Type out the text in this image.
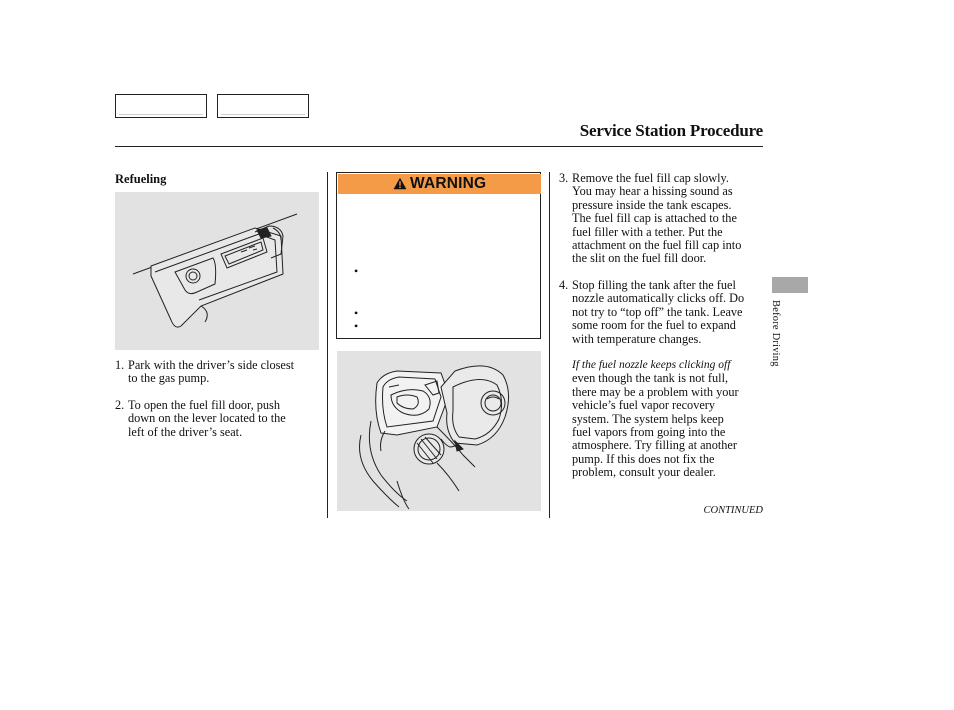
Service Station Procedure
Refueling
1. Park with the driver’s side closest
to the gas pump.
2. To open the fuel fill door, push
down on the lever located to the
left of the driver’s seat.
WARNING
•
•
•
3. Remove the fuel fill cap slowly.
You may hear a hissing sound as
pressure inside the tank escapes.
The fuel fill cap is attached to the
fuel filler with a tether. Put the
attachment on the fuel fill cap into
the slit on the fuel fill door.
4. Stop filling the tank after the fuel
nozzle automatically clicks off. Do
not try to “top off” the tank. Leave
some room for the fuel to expand
with temperature changes.
If the fuel nozzle keeps clicking off
even though the tank is not full,
there may be a problem with your
vehicle’s fuel vapor recovery
system. The system helps keep
fuel vapors from going into the
atmosphere. Try filling at another
pump. If this does not fix the
problem, consult your dealer.
CONTINUED
Before Driving
